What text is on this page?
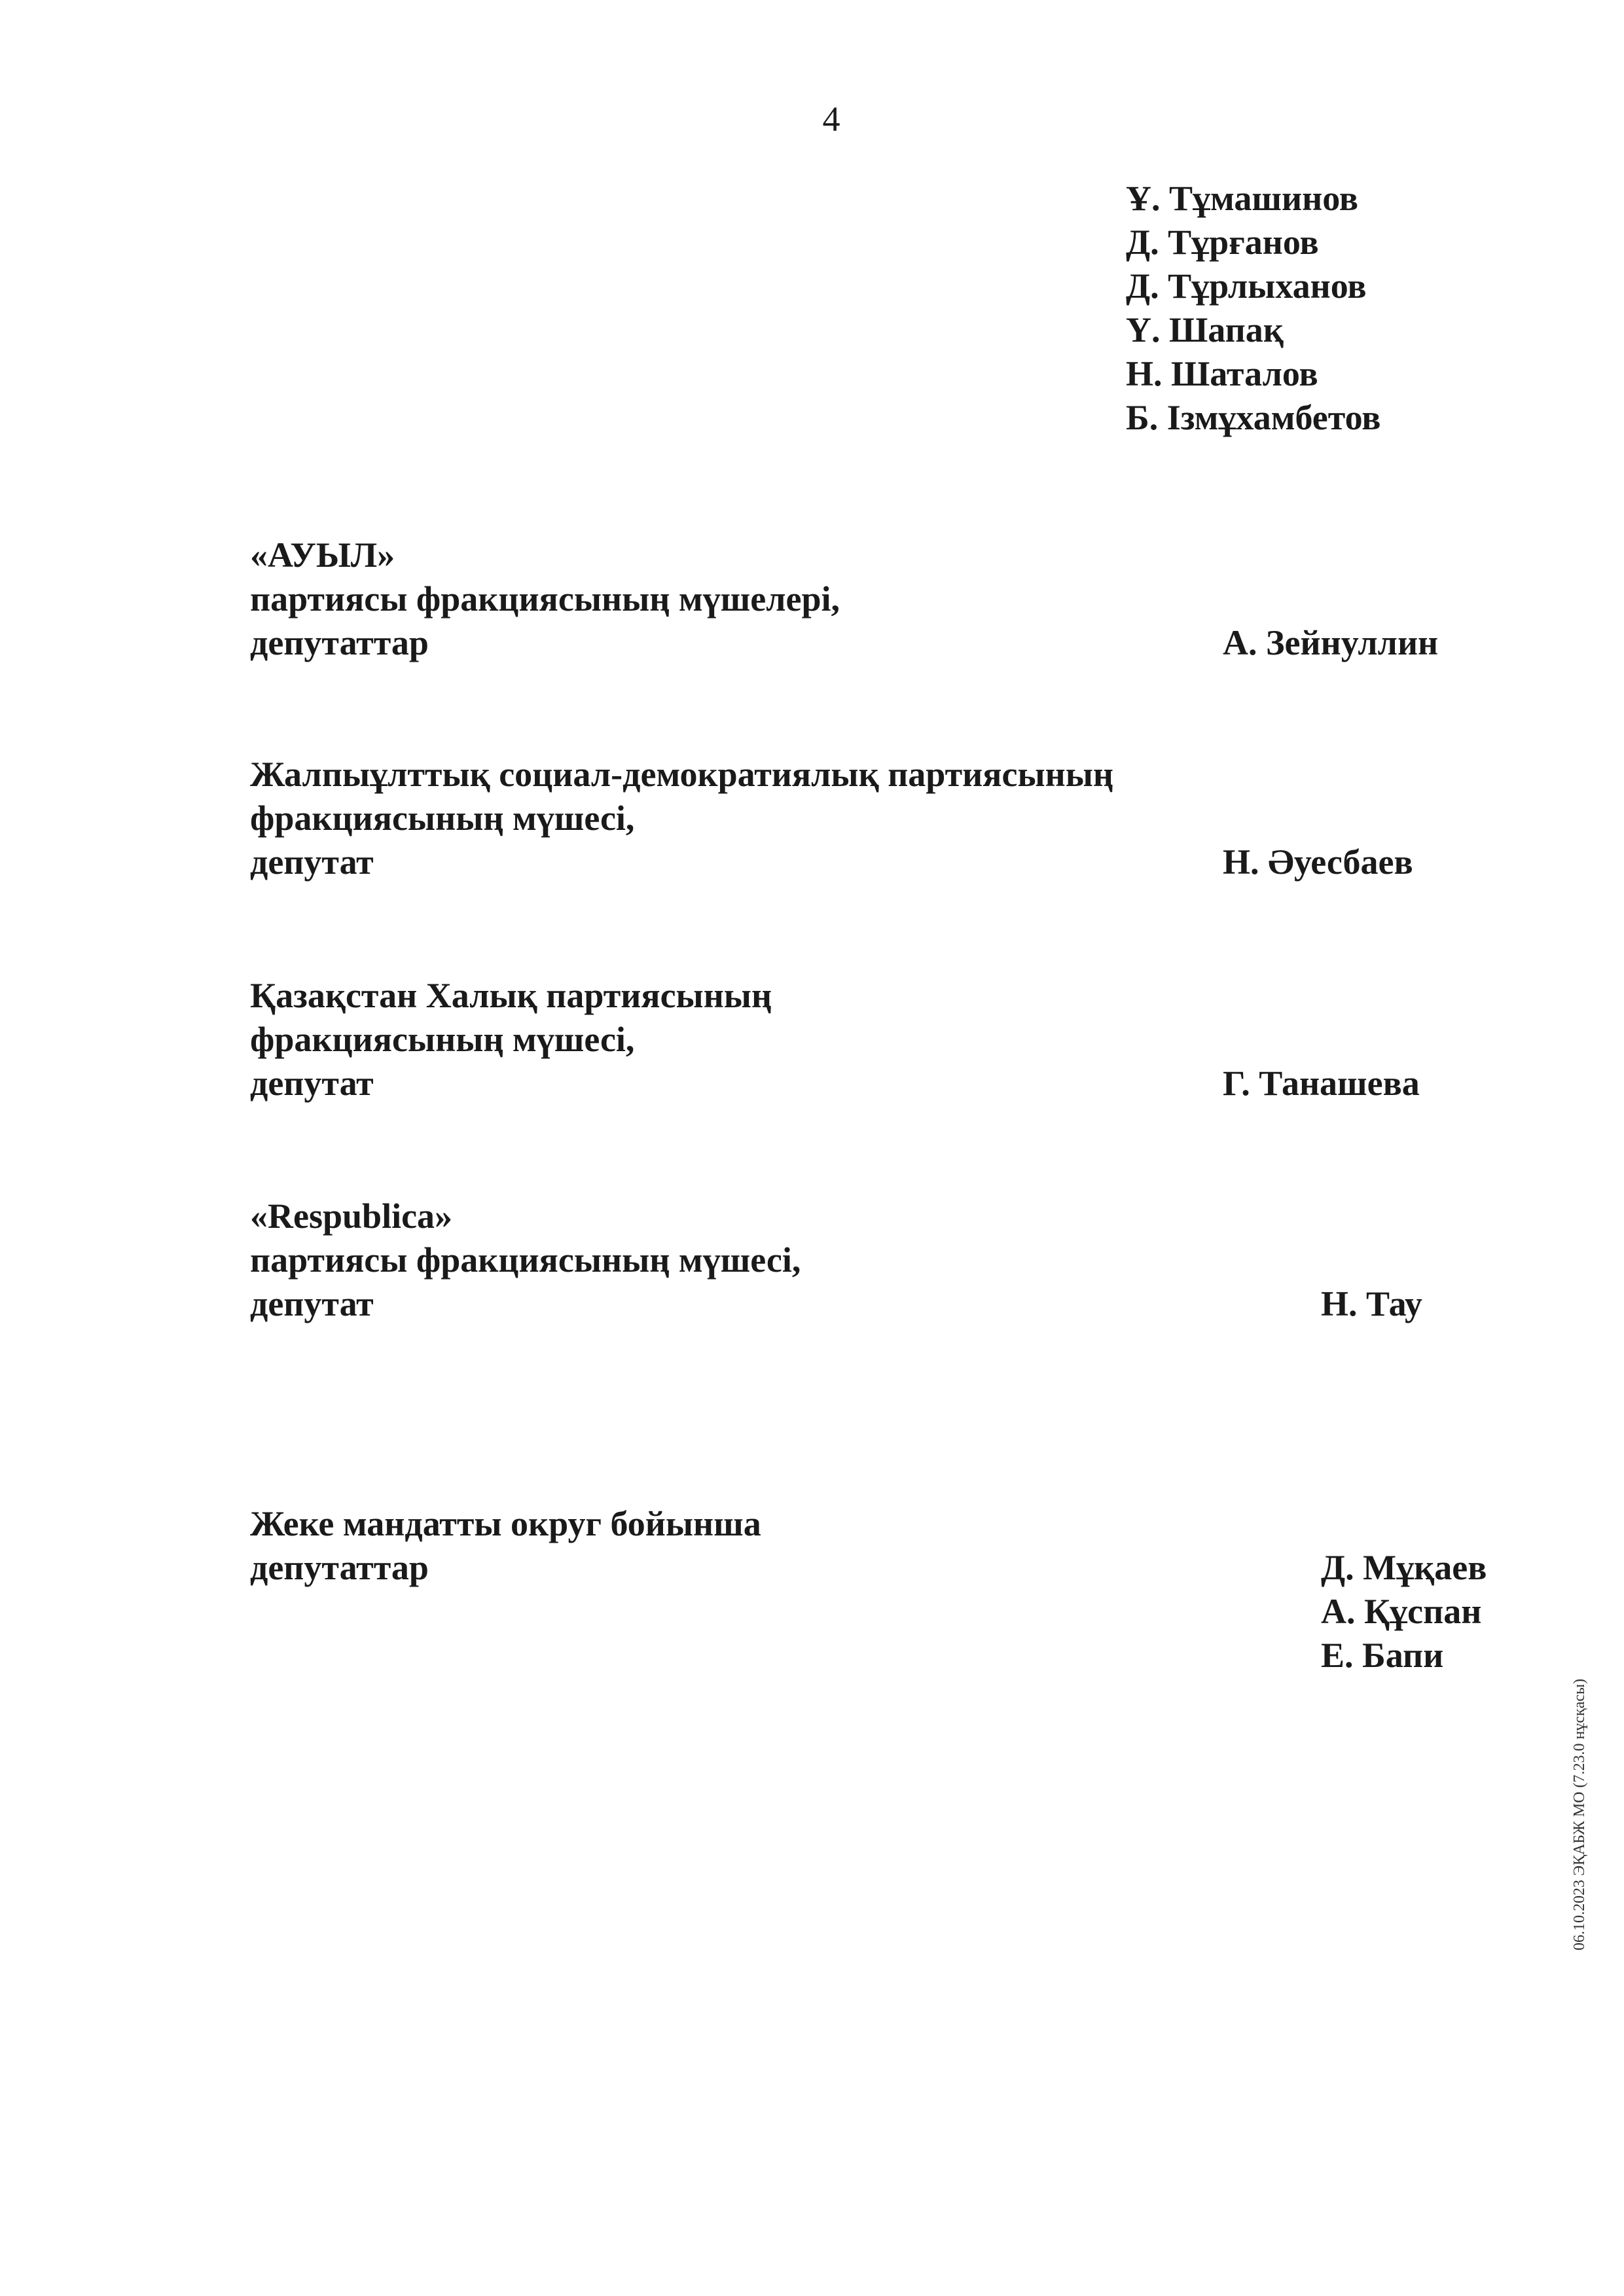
4
Ұ. Тұмашинов
Д. Тұрғанов
Д. Тұрлыханов
Ү. Шапақ
Н. Шаталов
Б. Ізмұхамбетов
«АУЫЛ»
партиясы фракциясының мүшелері,
депутаттар	А. Зейнуллин
Жалпыұлттық социал-демократиялық партиясының
фракциясының мүшесі,
депутат	Н. Әуесбаев
Қазақстан Халық партиясының
фракциясының мүшесі,
депутат	Г. Танашева
«Respublica»
партиясы фракциясының мүшесі,
депутат	Н. Тау
Жеке мандатты округ бойынша
депутаттар	Д. Мұқаев
А. Құспан
Е. Бапи
06.10.2023 ЭҚАБЖ МО (7.23.0 нұсқасы)
